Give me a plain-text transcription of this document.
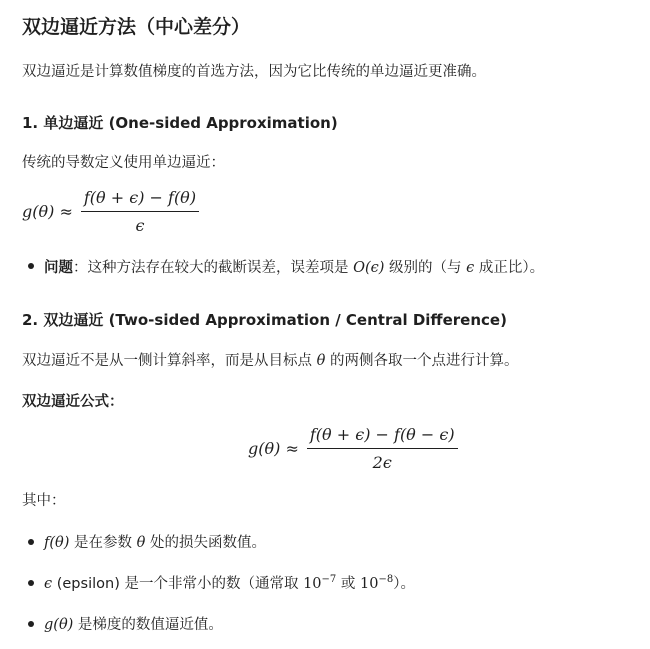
双边逼近方法（中心差分）

双边逼近是计算数值梯度的首选方法，因为它比传统的单边逼近更准确。

1. 单边逼近 (One-sided Approximation)

传统的导数定义使用单边逼近：

$g(\theta) \approx \frac{f(\theta + \epsilon) - f(\theta)}{\epsilon}$

问题：这种方法存在较大的截断误差，误差项是 O(ϵ) 级别的（与 ϵ 成正比）。

2. 双边逼近 (Two-sided Approximation / Central Difference)

双边逼近不是从一侧计算斜率，而是从目标点 θ 的两侧各取一个点进行计算。

双边逼近公式：

$g(\theta) \approx \frac{f(\theta + \epsilon) - f(\theta - \epsilon)}{2\epsilon}$

其中：

f(θ) 是在参数 θ 处的损失函数值。

ϵ (epsilon) 是一个非常小的数（通常取 $10^{-7}$ 或 $10^{-8}$）。

g(θ) 是梯度的数值逼近值。
